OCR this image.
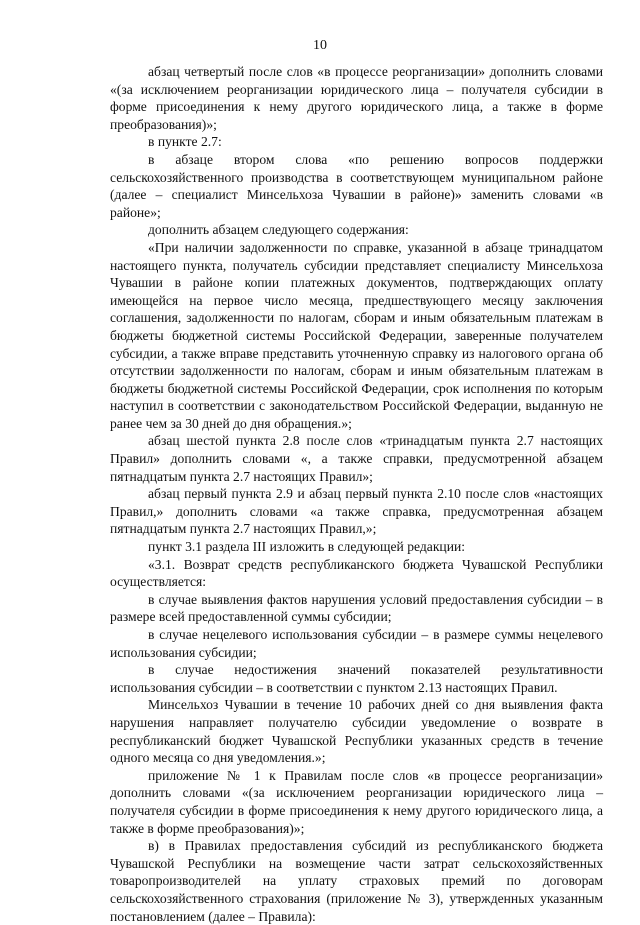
10

абзац четвертый после слов «в процессе реорганизации» дополнить словами «(за исключением реорганизации юридического лица – получателя субсидии в форме присоединения к нему другого юридического лица, а также в форме преобразования)»;

в пункте 2.7:

в абзаце втором слова «по решению вопросов поддержки сельскохозяйственного производства в соответствующем муниципальном районе (далее – специалист Минсельхоза Чувашии в районе)» заменить словами «в районе»;

дополнить абзацем следующего содержания:

«При наличии задолженности по справке, указанной в абзаце тринадцатом настоящего пункта, получатель субсидии представляет специалисту Минсельхоза Чувашии в районе копии платежных документов, подтверждающих оплату имеющейся на первое число месяца, предшествующего месяцу заключения соглашения, задолженности по налогам, сборам и иным обязательным платежам в бюджеты бюджетной системы Российской Федерации, заверенные получателем субсидии, а также вправе представить уточненную справку из налогового органа об отсутствии задолженности по налогам, сборам и иным обязательным платежам в бюджеты бюджетной системы Российской Федерации, срок исполнения по которым наступил в соответствии с законодательством Российской Федерации, выданную не ранее чем за 30 дней до дня обращения.»;

абзац шестой пункта 2.8 после слов «тринадцатым пункта 2.7 настоящих Правил» дополнить словами «, а также справки, предусмотренной абзацем пятнадцатым пункта 2.7 настоящих Правил»;

абзац первый пункта 2.9 и абзац первый пункта 2.10 после слов «настоящих Правил,» дополнить словами «а также справка, предусмотренная абзацем пятнадцатым пункта 2.7 настоящих Правил,»;

пункт 3.1 раздела III изложить в следующей редакции:

«3.1. Возврат средств республиканского бюджета Чувашской Республики осуществляется:

в случае выявления фактов нарушения условий предоставления субсидии – в размере всей предоставленной суммы субсидии;

в случае нецелевого использования субсидии – в размере суммы нецелевого использования субсидии;

в случае недостижения значений показателей результативности использования субсидии – в соответствии с пунктом 2.13 настоящих Правил.

Минсельхоз Чувашии в течение 10 рабочих дней со дня выявления факта нарушения направляет получателю субсидии уведомление о возврате в республиканский бюджет Чувашской Республики указанных средств в течение одного месяца со дня уведомления.»;

приложение № 1 к Правилам после слов «в процессе реорганизации» дополнить словами «(за исключением реорганизации юридического лица – получателя субсидии в форме присоединения к нему другого юридического лица, а также в форме преобразования)»;

в) в Правилах предоставления субсидий из республиканского бюджета Чувашской Республики на возмещение части затрат сельскохозяйственных товаропроизводителей на уплату страховых премий по договорам сельскохозяйственного страхования (приложение № 3), утвержденных указанным постановлением (далее – Правила):
